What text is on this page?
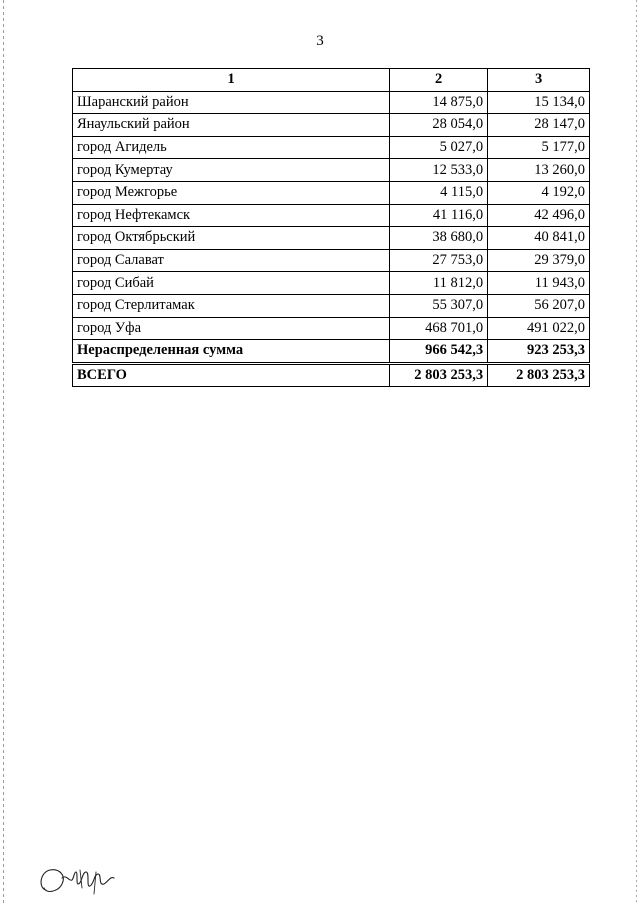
3
1	2	3
Шаранский район	14 875,0	15 134,0
Янаульский район	28 054,0	28 147,0
город Агидель	5 027,0	5 177,0
город Кумертау	12 533,0	13 260,0
город Межгорье	4 115,0	4 192,0
город Нефтекамск	41 116,0	42 496,0
город Октябрьский	38 680,0	40 841,0
город Салават	27 753,0	29 379,0
город Сибай	11 812,0	11 943,0
город Стерлитамак	55 307,0	56 207,0
город Уфа	468 701,0	491 022,0
Нераспределенная сумма	966 542,3	923 253,3
ВСЕГО	2 803 253,3	2 803 253,3
